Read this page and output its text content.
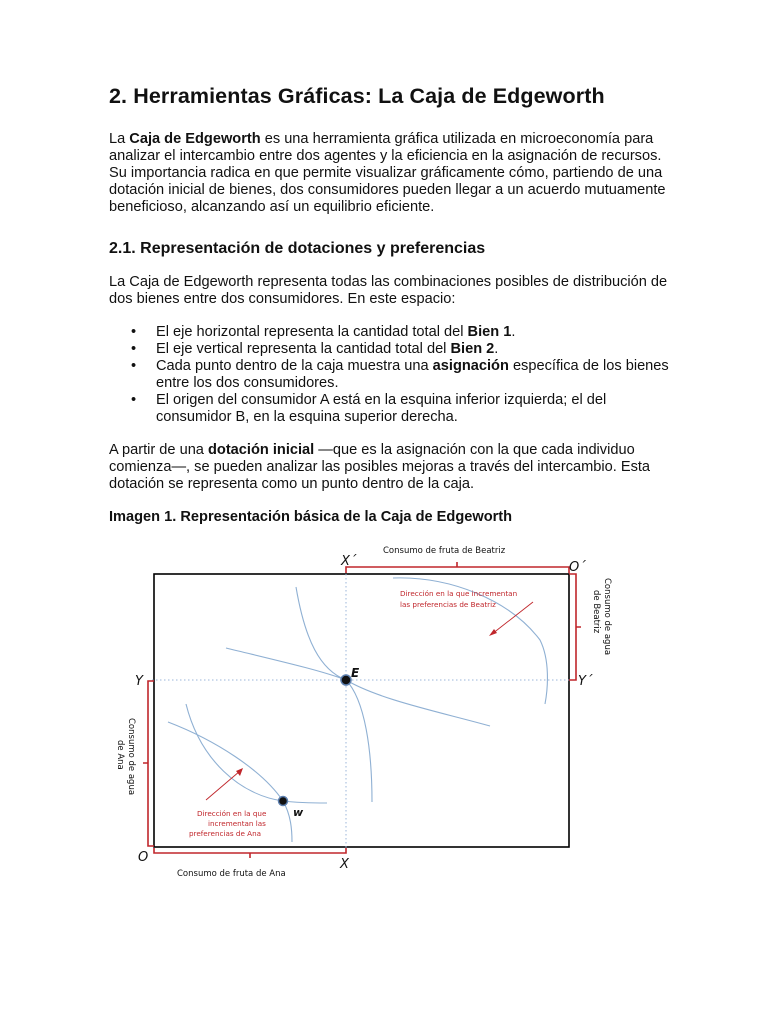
2. Herramientas Gráficas: La Caja de Edgeworth

La Caja de Edgeworth es una herramienta gráfica utilizada en microeconomía para analizar el intercambio entre dos agentes y la eficiencia en la asignación de recursos. Su importancia radica en que permite visualizar gráficamente cómo, partiendo de una dotación inicial de bienes, dos consumidores pueden llegar a un acuerdo mutuamente beneficioso, alcanzando así un equilibrio eficiente.

2.1. Representación de dotaciones y preferencias

La Caja de Edgeworth representa todas las combinaciones posibles de distribución de dos bienes entre dos consumidores. En este espacio:

• El eje horizontal representa la cantidad total del Bien 1.
• El eje vertical representa la cantidad total del Bien 2.
• Cada punto dentro de la caja muestra una asignación específica de los bienes entre los dos consumidores.
• El origen del consumidor A está en la esquina inferior izquierda; el del consumidor B, en la esquina superior derecha.

A partir de una dotación inicial —que es la asignación con la que cada individuo comienza—, se pueden analizar las posibles mejoras a través del intercambio. Esta dotación se representa como un punto dentro de la caja.

Imagen 1. Representación básica de la Caja de Edgeworth
X´	O´
Y	Y´
O	X
E
w
Consumo de fruta de Beatriz
Consumo de fruta de Ana
Consumo de agua
de Beatriz
Consumo de agua
de Ana
Dirección en la que incrementan
las preferencias de Beatriz
Dirección en la que
incrementan las
preferencias de Ana
